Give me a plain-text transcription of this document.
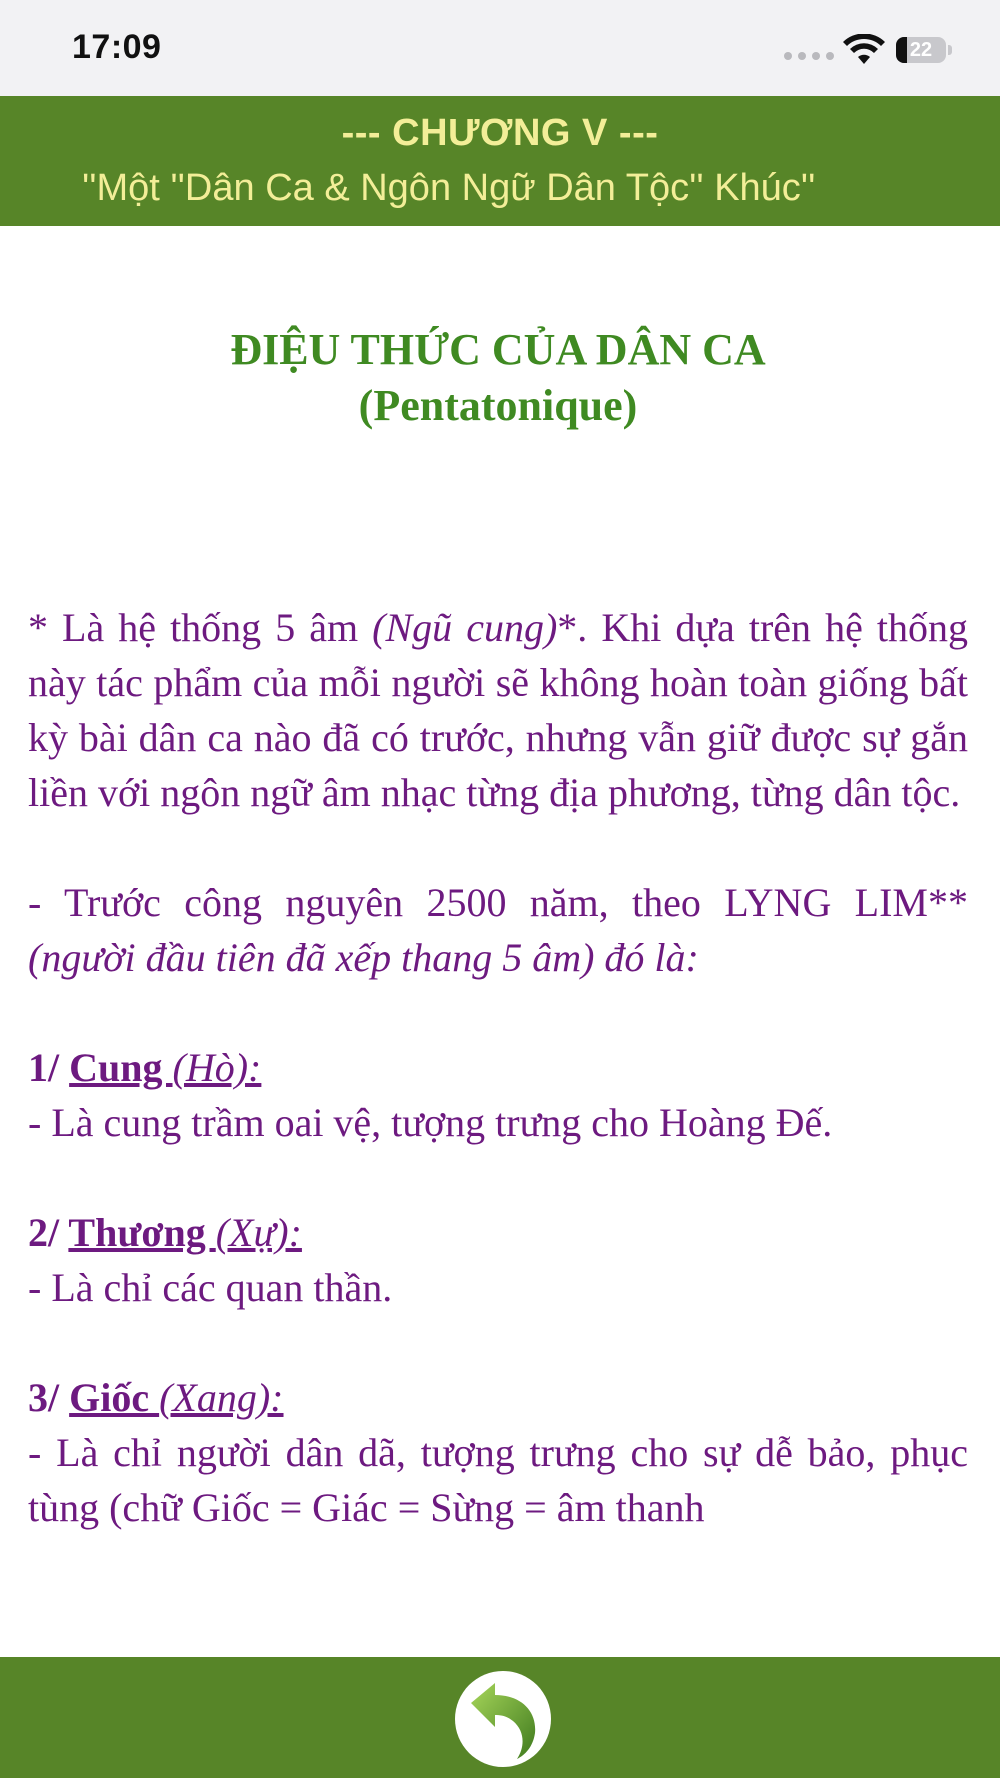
17:09	22
--- CHƯƠNG V ---
''Một ''Dân Ca & Ngôn Ngữ Dân Tộc'' Khúc''
ĐIỆU THỨC CỦA DÂN CA
(Pentatonique)

* Là hệ thống 5 âm (Ngũ cung)*. Khi dựa trên hệ thống này tác phẩm của mỗi người sẽ không hoàn toàn giống bất kỳ bài dân ca nào đã có trước, nhưng vẫn giữ được sự gắn liền với ngôn ngữ âm nhạc từng địa phương, từng dân tộc.

- Trước công nguyên 2500 năm, theo LYNG LIM**(người đầu tiên đã xếp thang 5 âm) đó là:

1/ Cung (Hò):

- Là cung trầm oai vệ, tượng trưng cho Hoàng Đế.

2/ Thương (Xự):

- Là chỉ các quan thần.

3/ Giốc (Xang):

- Là chỉ người dân dã, tượng trưng cho sự dễ bảo, phục tùng (chữ Giốc = Giác = Sừng = âm thanh
